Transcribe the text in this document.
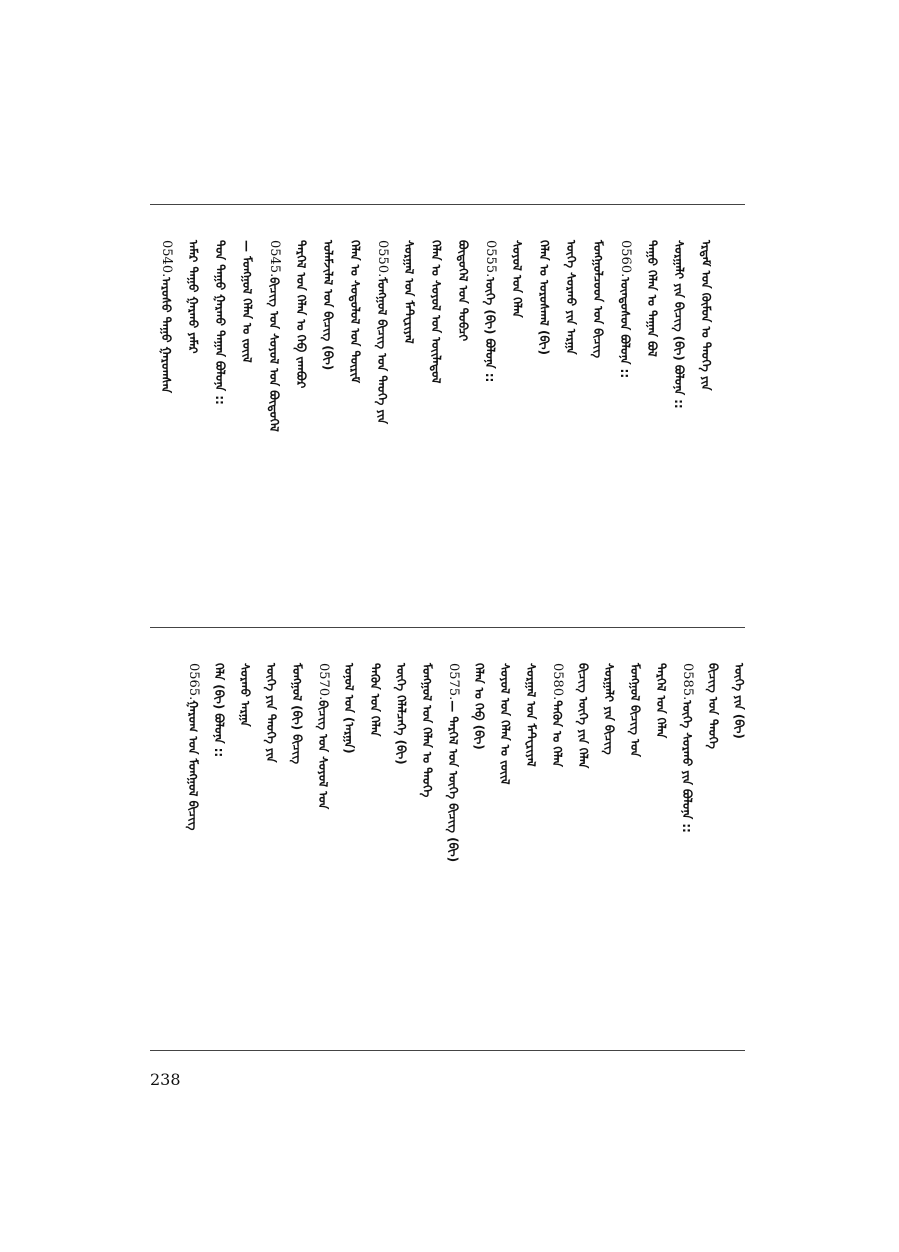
0540.ᠠᠷᠤᠰᠤ ᠲᠠᠭᠤ ᠭᠠᠷᠤᠭᠰᠠᠨ ᠠᠮᠠᠷ ᠲᠠᠭᠤ ᠭᠠᠷᠬᠤ ᠶᠠᠮᠠᠷ ᠳᠤᠨ ᠲᠠᠭᠤ ᠭᠠᠷᠬᠤ ᠳᠠᠭᠠᠨ ᠪᠣᠯᠤᠨᠠ :: — ᠮᠣᠩᠭᠣᠯ ᠬᠡᠯᠡᠨ ᠤ ᠵᠦᠢᠯ 0545.ᠪᠢᠴᠢᠭ ᠤᠨ ᠰᠣᠶᠣᠯ ᠤᠨ ᠪᠦᠲᠦᠭᠡᠯ ᠲᠡᠷᠭᠡᠯ ᠤᠨ ᠬᠡᠯᠡᠨ ᠤ ᠬᠡᠪ ᠵᠠᠭᠪᠤᠷ ᠤᠯᠠᠮᠵᠢᠯᠠᠯ ᠤᠨ ᠪᠢᠴᠢᠭ (ᠪᠢ) ᠬᠡᠯᠡᠨ ᠤ ᠰᠤᠳᠤᠯᠤᠯ ᠤᠨ ᠳᠦᠷᠢᠮ 0550.ᠮᠣᠩᠭᠣᠯ ᠪᠢᠴᠢᠭ ᠤᠨ ᠲᠡᠦᠬᠡ ᠶᠢᠨ ᠰᠤᠷᠭᠠᠯ ᠤᠨ ᠮᠠᠲ᠋ᠧᠷᠢᠶᠠᠯ ᠬᠡᠯᠡᠨ ᠤ ᠰᠣᠶᠣᠯ ᠤᠨ ᠦᠢᠯᠡᠳᠦᠯ ᠪᠦᠲᠦᠭᠡᠯ ᠤᠨ ᠲᠣᠪᠴᠢ 0555.ᠦᠭᠡ (ᠪᠢ) ᠪᠣᠯᠤᠨᠠ :: ᠰᠣᠶᠣᠯ ᠤᠨ ᠬᠡᠯᠡᠨ ᠬᠡᠯᠡᠨ ᠤ ᠤᠷᠤᠰᠬᠠᠯ (ᠪᠢ) ᠦᠭᠡ ᠰᠤᠷᠬᠤ ᠶᠢᠨ ᠠᠷᠭᠠ ᠮᠣᠩᠭᠣᠯᠴᠤᠳ ᠤᠨ ᠪᠢᠴᠢᠭ 0560.ᠦᠨᠳᠦᠰᠦᠨ ᠪᠣᠯᠤᠨᠠ :: ᠲᠠᠭᠤ ᠬᠡᠯᠡᠨ ᠤ ᠳᠠᠭᠠᠨ ᠪᠣᠯ ᠰᠤᠷᠭᠠᠯᠢ ᠶᠢᠨ ᠪᠢᠴᠢᠭ (ᠪᠢ) ᠪᠣᠯᠤᠨᠠ :: ᠡᠷᠳᠡᠮ ᠤᠨ ᠬᠦᠮᠦᠨ ᠤ ᠲᠡᠦᠬᠡ ᠶᠢᠨ
0565.ᠭᠠᠷᠤᠭ ᠤᠨ ᠮᠣᠩᠭᠣᠯ ᠪᠢᠴᠢᠭ ᠬᠡᠯᠡ (ᠪᠢ) ᠪᠣᠯᠤᠨᠠ :: ᠰᠤᠷᠬᠤ ᠠᠷᠭᠠ ᠦᠭᠡ ᠶᠢᠨ ᠲᠡᠦᠬᠡ ᠶᠢᠨ ᠮᠣᠩᠭᠣᠯ (ᠪᠢ) ᠪᠢᠴᠢᠭ 0570.ᠪᠢᠴᠢᠭ ᠤᠨ ᠰᠣᠶᠣᠯ ᠤᠨ ᠣᠨᠣᠯ ᠤᠨ (ᠠᠷᠭᠠ) ᠲᠡᠭᠦᠨ ᠤᠨ ᠬᠡᠯᠡᠨ ᠦᠭᠡ ᠬᠡᠯᠡᠯᠴᠡᠭᠡ (ᠪᠢ) ᠮᠣᠩᠭᠣᠯ ᠤᠨ ᠬᠡᠯᠡᠨ ᠤ ᠲᠡᠦᠬᠡ 0575.— ᠲᠡᠷᠭᠡᠯ ᠤᠨ ᠦᠭᠡ ᠪᠢᠴᠢᠭ (ᠪᠢ) ᠬᠡᠯᠡᠨ ᠤ ᠬᠡᠪ (ᠪᠢ) ᠰᠣᠶᠣᠯ ᠤᠨ ᠬᠡᠯᠡᠨ ᠤ ᠵᠦᠢᠯ ᠰᠤᠷᠭᠠᠯ ᠤᠨ ᠮᠠᠲ᠋ᠧᠷᠢᠶᠠᠯ 0580.ᠲᠡᠭᠦᠨ ᠤ ᠬᠡᠯᠡᠨ ᠪᠢᠴᠢᠭ ᠦᠭᠡ ᠶᠢᠨ ᠬᠡᠯᠡᠨ ᠰᠤᠷᠭᠠᠯᠢ ᠶᠢᠨ ᠪᠢᠴᠢᠭ ᠮᠣᠩᠭᠣᠯ ᠪᠢᠴᠢᠭ ᠤᠨ ᠲᠡᠷᠭᠡᠯ ᠤᠨ ᠬᠡᠯᠡᠨ 0585.ᠦᠭᠡ ᠰᠤᠷᠬᠤ ᠶᠢᠨ ᠪᠣᠯᠤᠨᠠ :: ᠪᠢᠴᠢᠭ ᠤᠨ ᠲᠡᠦᠬᠡ ᠦᠭᠡ ᠶᠢᠨ (ᠪᠢ)
238
